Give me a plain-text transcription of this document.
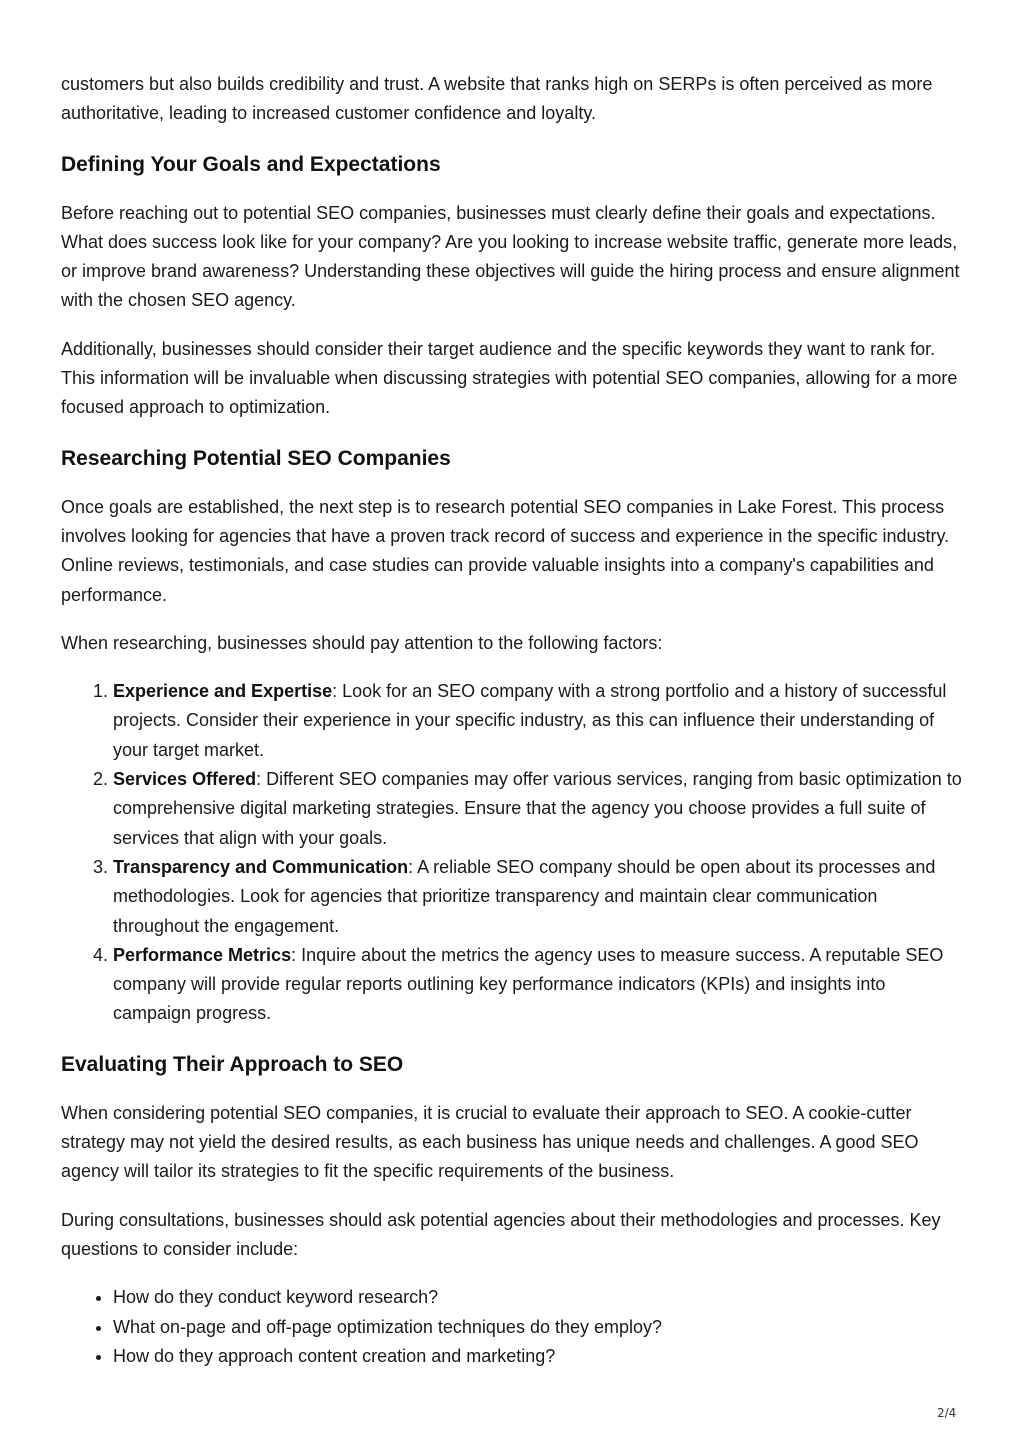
customers but also builds credibility and trust. A website that ranks high on SERPs is often perceived as more authoritative, leading to increased customer confidence and loyalty.

Defining Your Goals and Expectations

Before reaching out to potential SEO companies, businesses must clearly define their goals and expectations. What does success look like for your company? Are you looking to increase website traffic, generate more leads, or improve brand awareness? Understanding these objectives will guide the hiring process and ensure alignment with the chosen SEO agency.

Additionally, businesses should consider their target audience and the specific keywords they want to rank for. This information will be invaluable when discussing strategies with potential SEO companies, allowing for a more focused approach to optimization.

Researching Potential SEO Companies

Once goals are established, the next step is to research potential SEO companies in Lake Forest. This process involves looking for agencies that have a proven track record of success and experience in the specific industry. Online reviews, testimonials, and case studies can provide valuable insights into a company's capabilities and performance.

When researching, businesses should pay attention to the following factors:

1. Experience and Expertise: Look for an SEO company with a strong portfolio and a history of successful projects. Consider their experience in your specific industry, as this can influence their understanding of your target market.
2. Services Offered: Different SEO companies may offer various services, ranging from basic optimization to comprehensive digital marketing strategies. Ensure that the agency you choose provides a full suite of services that align with your goals.
3. Transparency and Communication: A reliable SEO company should be open about its processes and methodologies. Look for agencies that prioritize transparency and maintain clear communication throughout the engagement.
4. Performance Metrics: Inquire about the metrics the agency uses to measure success. A reputable SEO company will provide regular reports outlining key performance indicators (KPIs) and insights into campaign progress.
Evaluating Their Approach to SEO

When considering potential SEO companies, it is crucial to evaluate their approach to SEO. A cookie-cutter strategy may not yield the desired results, as each business has unique needs and challenges. A good SEO agency will tailor its strategies to fit the specific requirements of the business.

During consultations, businesses should ask potential agencies about their methodologies and processes. Key questions to consider include:

• How do they conduct keyword research?
• What on-page and off-page optimization techniques do they employ?
• How do they approach content creation and marketing?
2/4
